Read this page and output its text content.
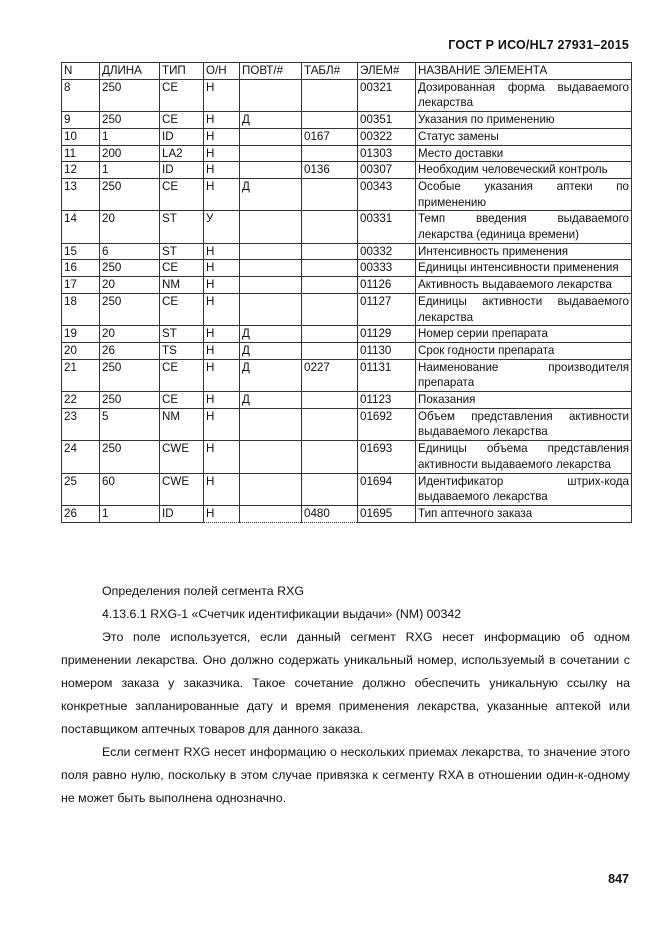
ГОСТ Р ИСО/HL7 27931–2015
N	ДЛИНА	ТИП	О/Н	ПОВТ/#	ТАБЛ#	ЭЛЕМ#	НАЗВАНИЕ ЭЛЕМЕНТА
8	250	CE	Н			00321	Дозированная форма выдаваемого лекарства
9	250	CE	Н	Д		00351	Указания по применению
10	1	ID	Н		0167	00322	Статус замены
11	200	LA2	Н			01303	Место доставки
12	1	ID	Н		0136	00307	Необходим человеческий контроль
13	250	CE	Н	Д		00343	Особые указания аптеки по применению
14	20	ST	У			00331	Темп введения выдаваемого лекарства (единица времени)
15	6	ST	Н			00332	Интенсивность применения
16	250	CE	Н			00333	Единицы интенсивности применения
17	20	NM	Н			01126	Активность выдаваемого лекарства
18	250	CE	Н			01127	Единицы активности выдаваемого лекарства
19	20	ST	Н	Д		01129	Номер серии препарата
20	26	TS	Н	Д		01130	Срок годности препарата
21	250	CE	Н	Д	0227	01131	Наименование производителя препарата
22	250	CE	Н	Д		01123	Показания
23	5	NM	Н			01692	Объем представления активности выдаваемого лекарства
24	250	CWE	Н			01693	Единицы объема представления активности выдаваемого лекарства
25	60	CWE	Н			01694	Идентификатор штрих-кода выдаваемого лекарства
26	1	ID	Н		0480	01695	Тип аптечного заказа

Определения полей сегмента RXG

4.13.6.1 RXG-1 «Счетчик идентификации выдачи» (NM) 00342

Это поле используется, если данный сегмент RXG несет информацию об одном применении лекарства. Оно должно содержать уникальный номер, используемый в сочетании с номером заказа у заказчика. Такое сочетание должно обеспечить уникальную ссылку на конкретные запланированные дату и время применения лекарства, указанные аптекой или поставщиком аптечных товаров для данного заказа.

Если сегмент RXG несет информацию о нескольких приемах лекарства, то значение этого поля равно нулю, поскольку в этом случае привязка к сегменту RXA в отношении один-к-одному не может быть выполнена однозначно.

847
